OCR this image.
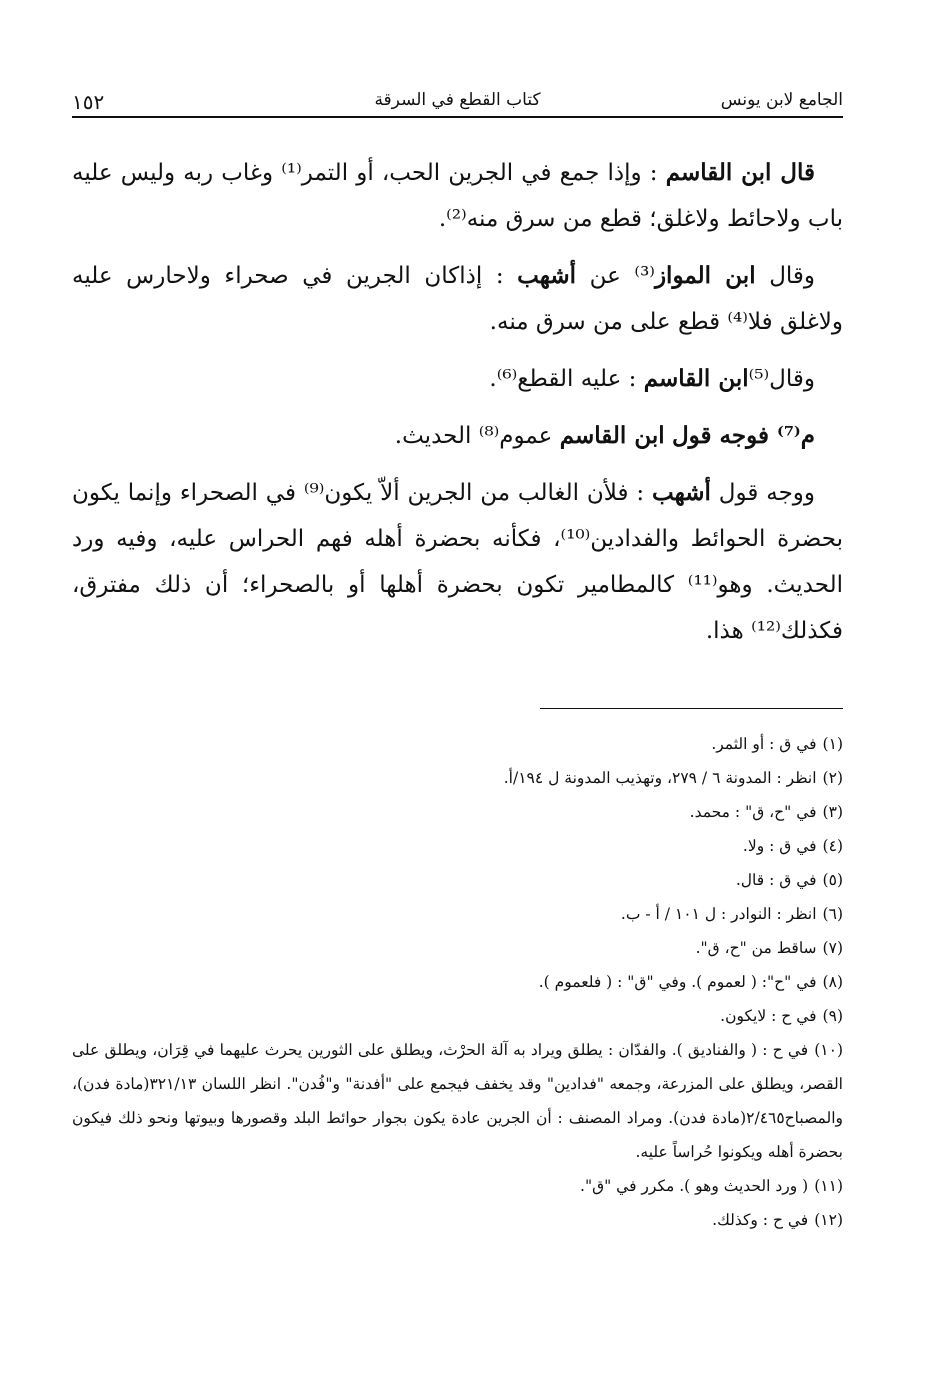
الجامع لابن يونس
كتاب القطع في السرقة
١٥٢

قال ابن القاسم : وإذا جمع في الجرين الحب، أو التمر⁽¹⁾ وغاب ربه وليس عليه باب ولاحائط ولاغلق؛ قطع من سرق منه⁽²⁾.

وقال ابن المواز⁽³⁾ عن أشهب : إذاكان الجرين في صحراء ولاحارس عليه ولاغلق فلا⁽⁴⁾ قطع على من سرق منه.

وقال⁽⁵⁾ابن القاسم : عليه القطع⁽⁶⁾.

م⁽⁷⁾ فوجه قول ابن القاسم عموم⁽⁸⁾ الحديث.

ووجه قول أشهب : فلأن الغالب من الجرين ألاّ يكون⁽⁹⁾ في الصحراء وإنما يكون بحضرة الحوائط والفدادين⁽¹⁰⁾، فكأنه بحضرة أهله فهم الحراس عليه، وفيه ورد الحديث. وهو⁽¹¹⁾ كالمطامير تكون بحضرة أهلها أو بالصحراء؛ أن ذلك مفترق، فكذلك⁽¹²⁾ هذا.

(١)في ق : أو الثمر.

(٢)انظر : المدونة ٦ / ٢٧٩، وتهذيب المدونة ل ١٩٤/أ.

(٣)في "ح، ق" : محمد.

(٤)في ق : ولا.

(٥)في ق : قال.

(٦)انظر : النوادر : ل ١٠١ / أ - ب.

(٧)ساقط من "ح، ق".

(٨)في "ح": ( لعموم ). وفي "ق" : ( فلعموم ).

(٩)في ح : لايكون.

(١٠)في ح : ( والفناديق ). والفدّان : يطلق ويراد به آلة الحرْث، ويطلق على الثورين يحرث عليهما في قِرَان، ويطلق على القصر، ويطلق على المزرعة، وجمعه "فدادين" وقد يخفف فيجمع على "أفدنة" و"فُدن". انظر اللسان ٣٢١/١٣(مادة فدن)، والمصباح٢/٤٦٥(مادة فدن). ومراد المصنف : أن الجرين عادة يكون بجوار حوائط البلد وقصورها وبيوتها ونحو ذلك فيكون بحضرة أهله ويكونوا حُراساً عليه.

(١١)( ورد الحديث وهو ). مكرر في "ق".

(١٢)في ح : وكذلك.
